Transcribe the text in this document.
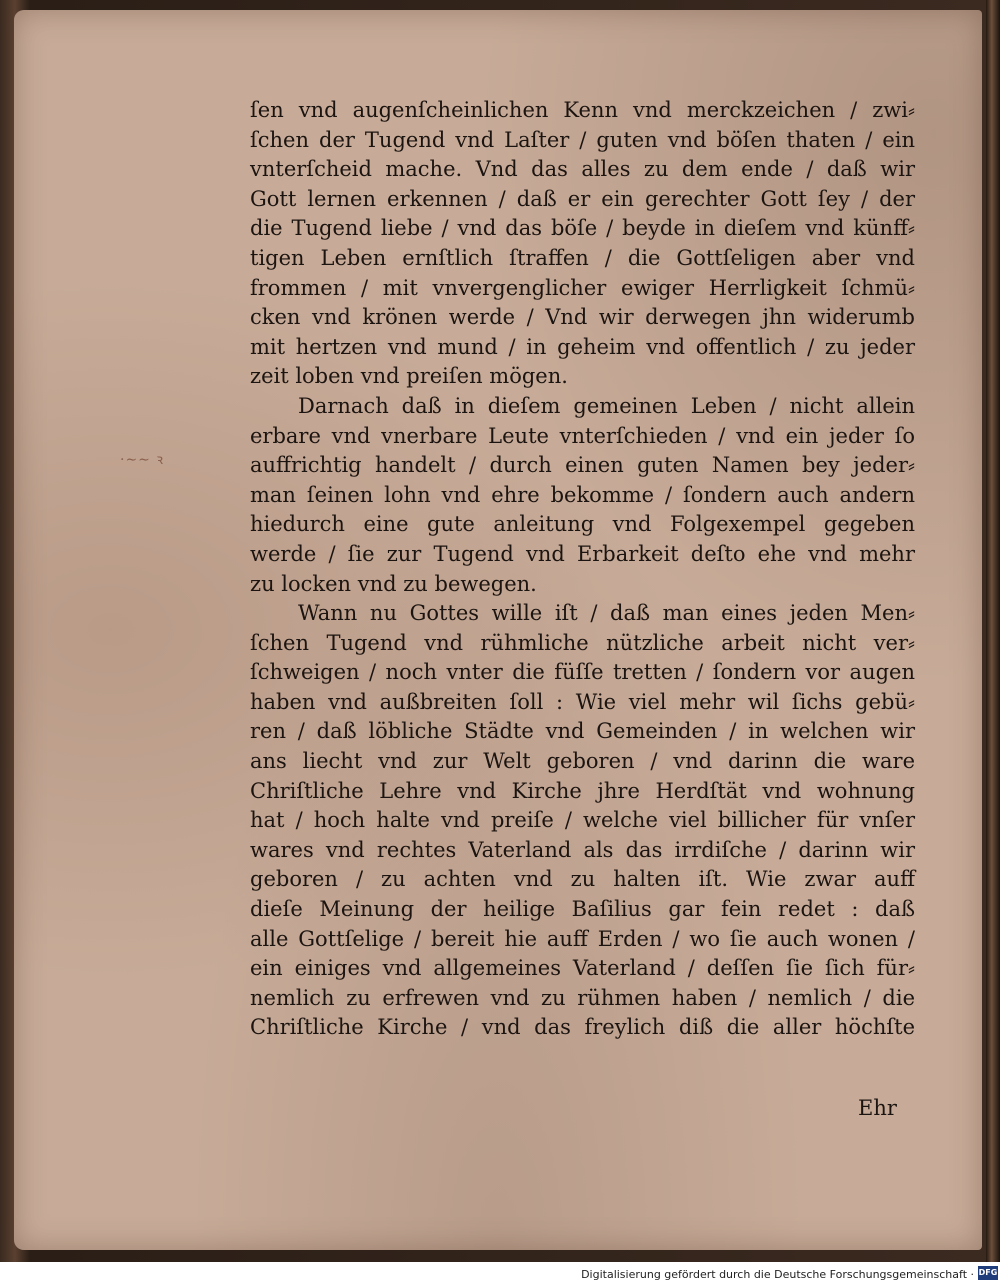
·∼∼ ꝛ
ſen vnd augenſcheinlichen Kenn vnd merckzeichen / zwi⸗
ſchen der Tugend vnd Laſter / guten vnd böſen thaten / ein
vnterſcheid mache. Vnd das alles zu dem ende / daß wir
Gott lernen erkennen / daß er ein gerechter Gott ſey / der
die Tugend liebe / vnd das böſe / beyde in dieſem vnd künff⸗
tigen Leben ernſtlich ſtraffen / die Gottſeligen aber vnd
frommen / mit vnvergenglicher ewiger Herrligkeit ſchmü⸗
cken vnd krönen werde / Vnd wir derwegen jhn widerumb
mit hertzen vnd mund / in geheim vnd offentlich / zu jeder
zeit loben vnd preiſen mögen.
Darnach daß in dieſem gemeinen Leben / nicht allein
erbare vnd vnerbare Leute vnterſchieden / vnd ein jeder ſo
auffrichtig handelt / durch einen guten Namen bey jeder⸗
man ſeinen lohn vnd ehre bekomme / ſondern auch andern
hiedurch eine gute anleitung vnd Folgexempel gegeben
werde / ſie zur Tugend vnd Erbarkeit deſto ehe vnd mehr
zu locken vnd zu bewegen.
Wann nu Gottes wille iſt / daß man eines jeden Men⸗
ſchen Tugend vnd rühmliche nützliche arbeit nicht ver⸗
ſchweigen / noch vnter die füſſe tretten / ſondern vor augen
haben vnd außbreiten ſoll : Wie viel mehr wil ſichs gebü⸗
ren / daß löbliche Städte vnd Gemeinden / in welchen wir
ans liecht vnd zur Welt geboren / vnd darinn die ware
Chriſtliche Lehre vnd Kirche jhre Herdſtät vnd wohnung
hat / hoch halte vnd preiſe / welche viel billicher für vnſer
wares vnd rechtes Vaterland als das irrdiſche / darinn wir
geboren / zu achten vnd zu halten iſt. Wie zwar auff
dieſe Meinung der heilige Baſilius gar fein redet : daß
alle Gottſelige / bereit hie auff Erden / wo ſie auch wonen /
ein einiges vnd allgemeines Vaterland / deſſen ſie ſich für⸗
nemlich zu erfrewen vnd zu rühmen haben / nemlich / die
Chriſtliche Kirche / vnd das freylich diß die aller höchſte
Ehr
Digitalisierung gefördert durch die Deutsche Forschungsgemeinschaft · DFG
